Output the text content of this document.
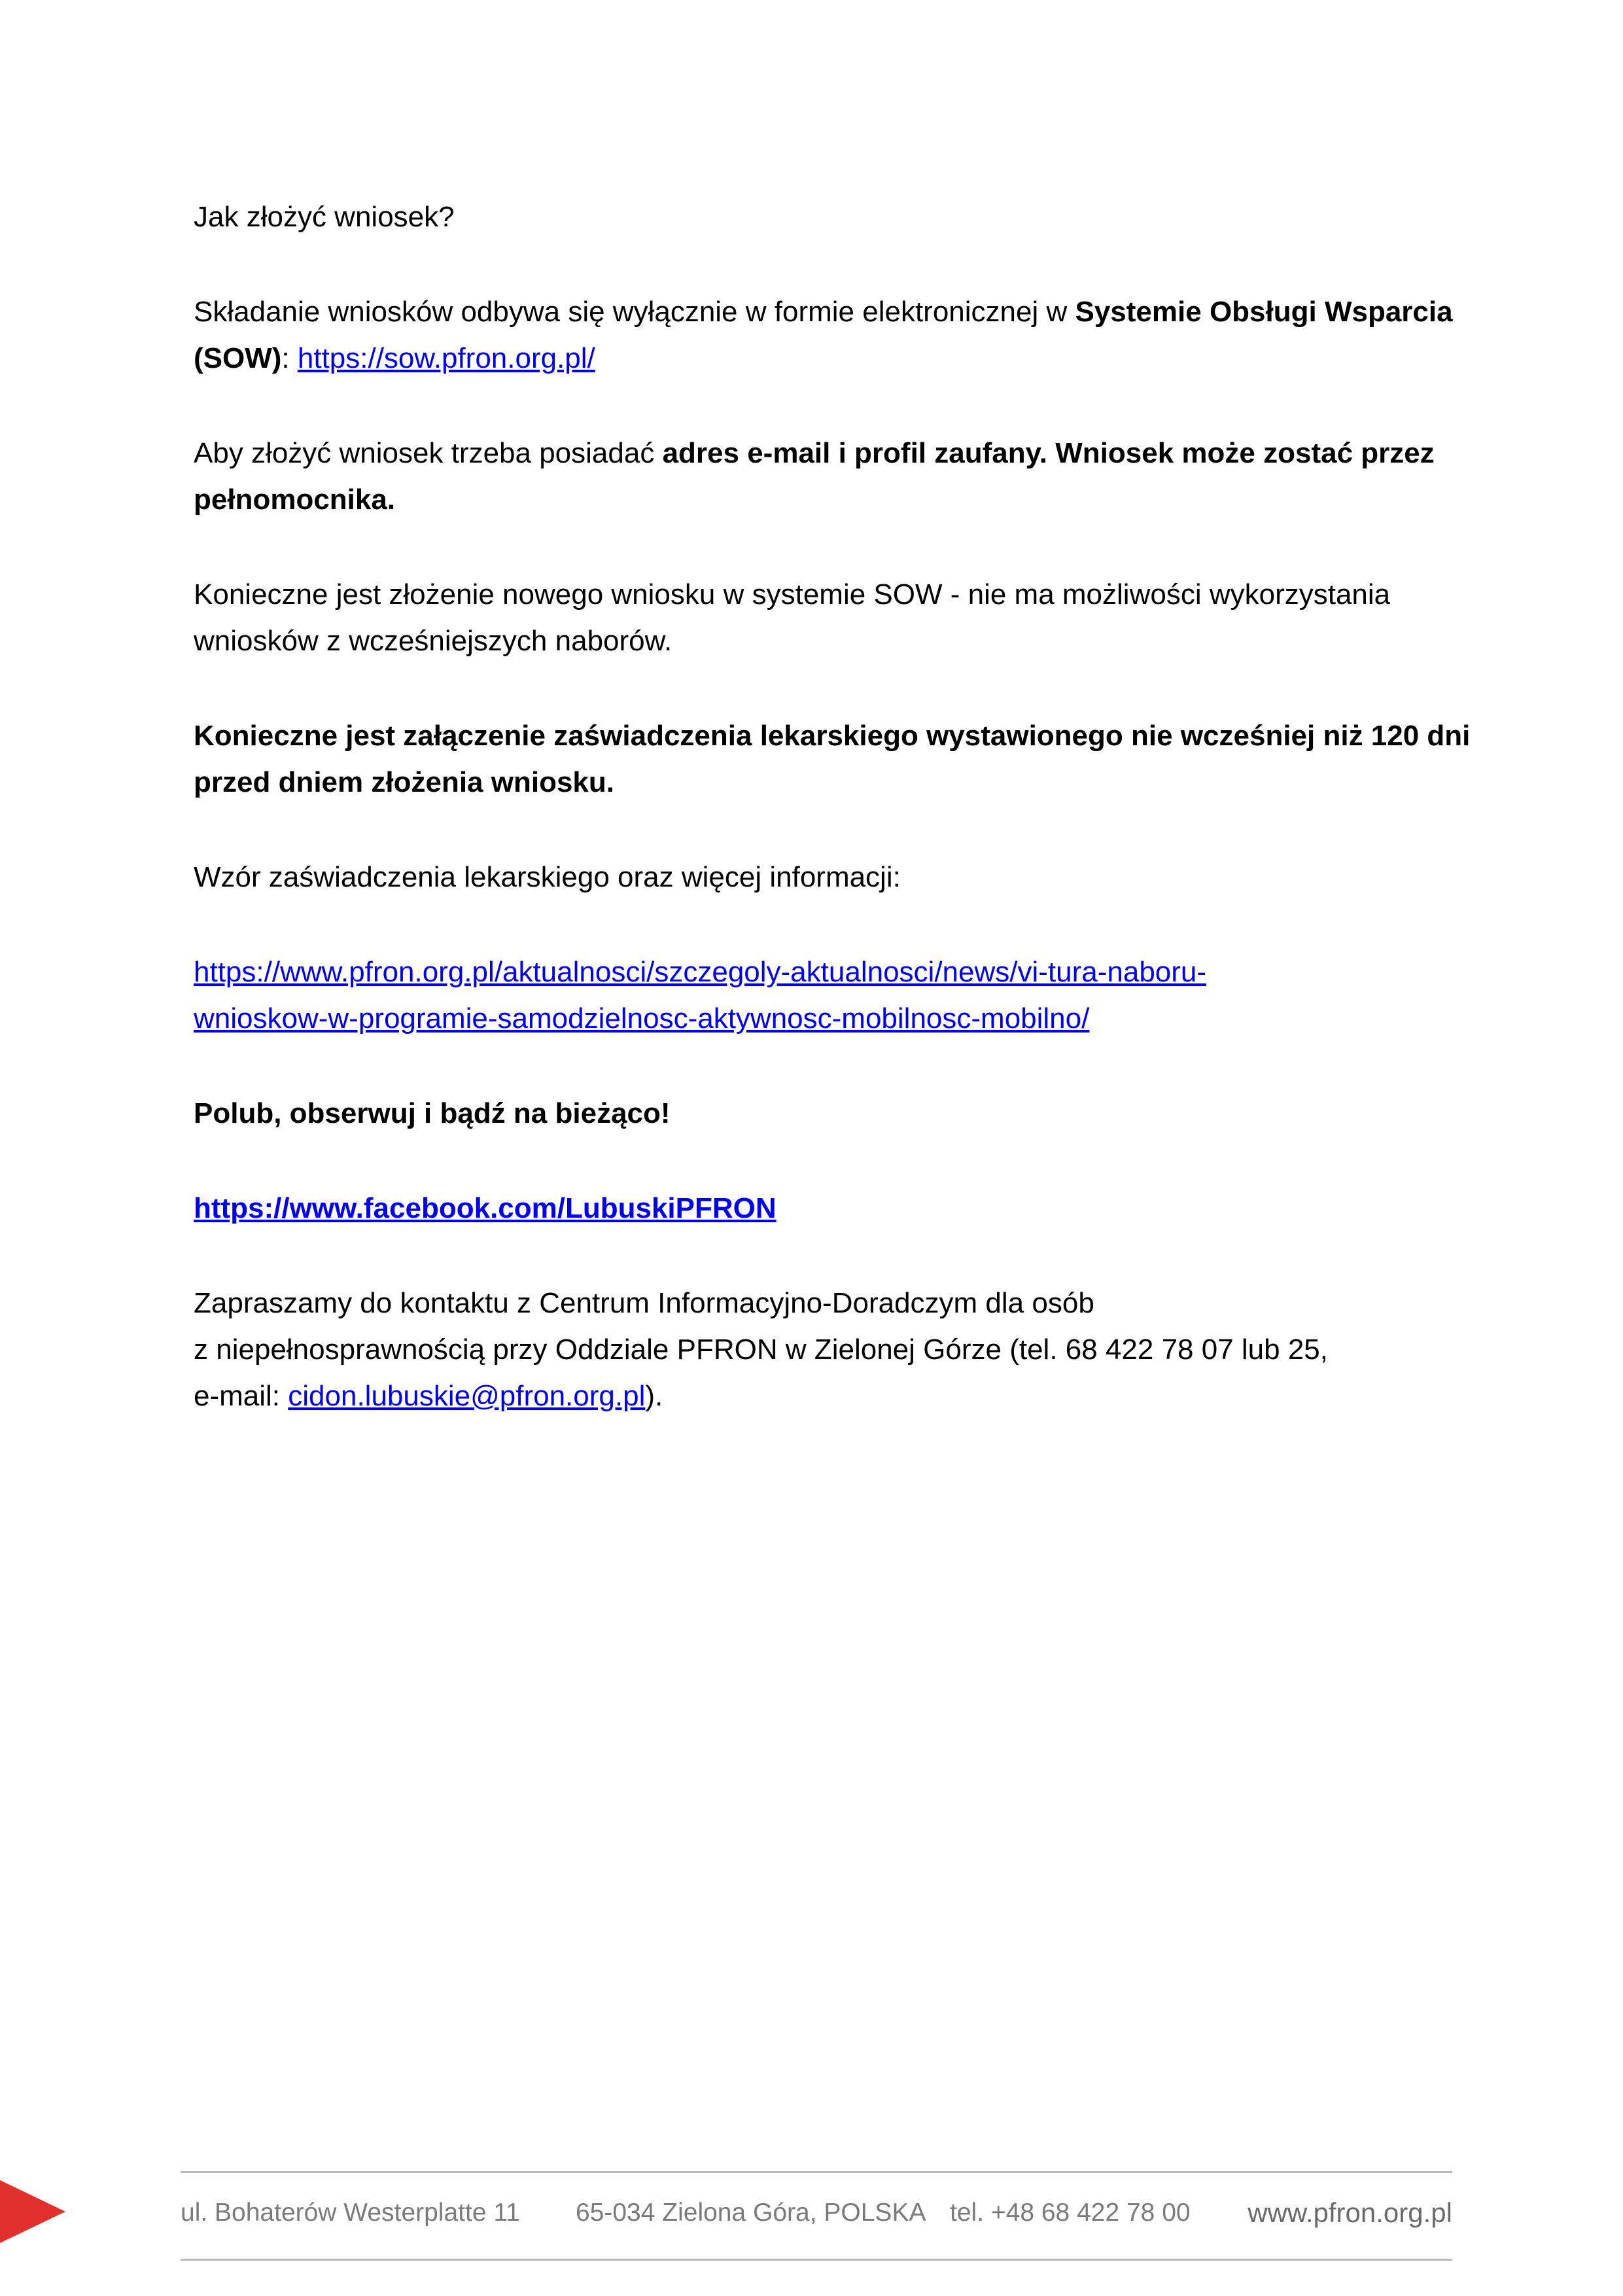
Jak złożyć wniosek?

Składanie wniosków odbywa się wyłącznie w formie elektronicznej w Systemie Obsługi Wsparcia (SOW): https://sow.pfron.org.pl/

Aby złożyć wniosek trzeba posiadać adres e-mail i profil zaufany. Wniosek może zostać przez pełnomocnika.

Konieczne jest złożenie nowego wniosku w systemie SOW - nie ma możliwości wykorzystania wniosków z wcześniejszych naborów.

Konieczne jest załączenie zaświadczenia lekarskiego wystawionego nie wcześniej niż 120 dni przed dniem złożenia wniosku.

Wzór zaświadczenia lekarskiego oraz więcej informacji:

https://www.pfron.org.pl/aktualnosci/szczegoly-aktualnosci/news/vi-tura-naboru-
wnioskow-w-programie-samodzielnosc-aktywnosc-mobilnosc-mobilno/

Polub, obserwuj i bądź na bieżąco!

https://www.facebook.com/LubuskiPFRON

Zapraszamy do kontaktu z Centrum Informacyjno-Doradczym dla osób
z niepełnosprawnością przy Oddziale PFRON w Zielonej Górze (tel. 68 422 78 07 lub 25,
e-mail: cidon.lubuskie@pfron.org.pl).

ul. Bohaterów Westerplatte 11 65-034 Zielona Góra, POLSKA tel. +48 68 422 78 00 www.pfron.org.pl
